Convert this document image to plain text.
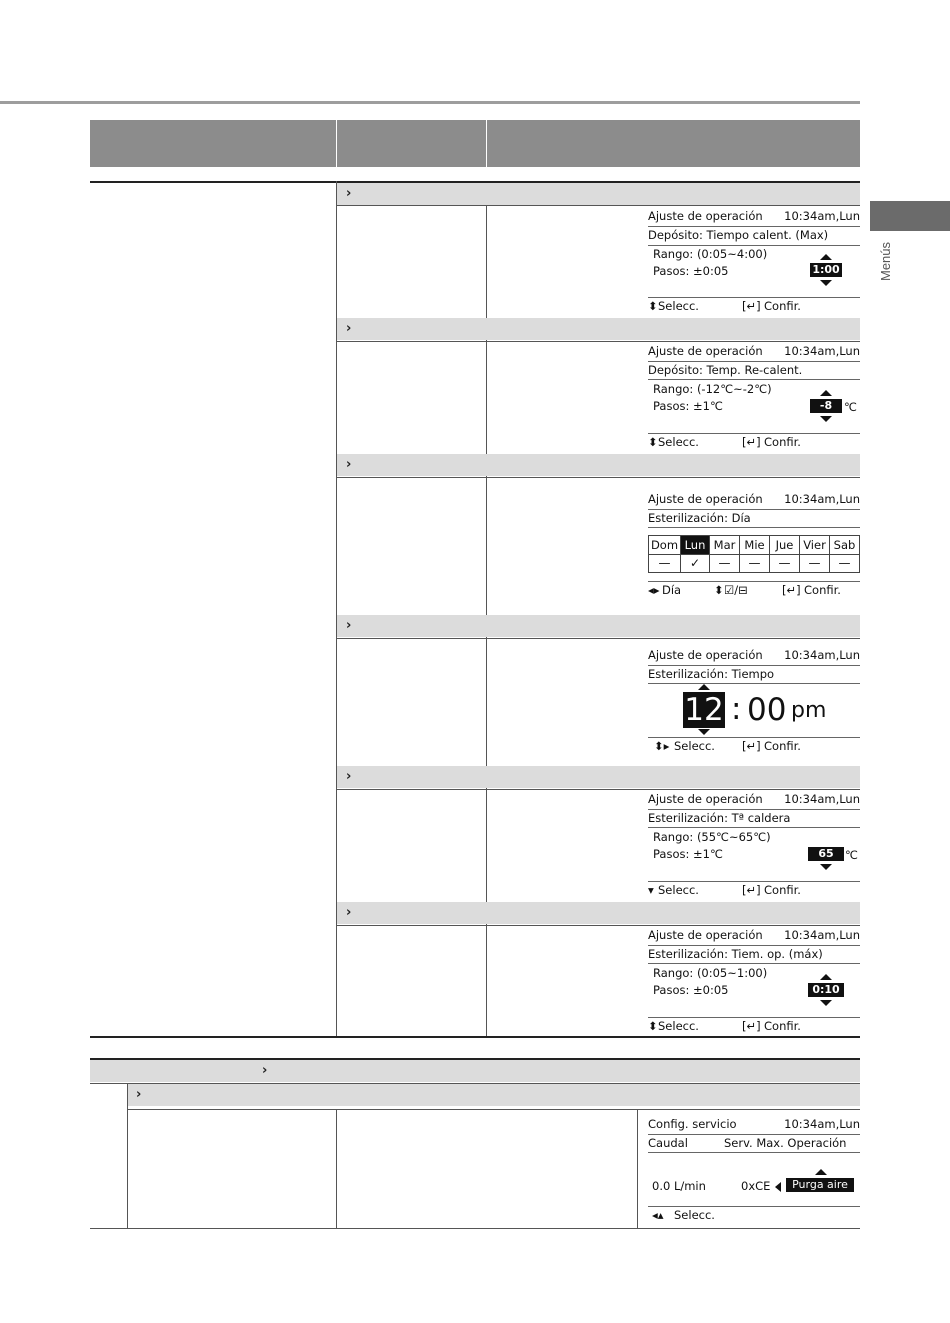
Menús
›
›
›
›
›
›
Ajuste de operación 10:34am,Lun
Depósito: Tiempo calent. (Max)
Rango: (0:05~4:00)
Pasos: ±0:05	1:00
⬍ Selecc.	[↵] Confir.
Ajuste de operación 10:34am,Lun
Depósito: Temp. Re-calent.
Rango: (-12℃~-2℃)
Pasos: ±1℃	-8	℃
⬍ Selecc.	[↵] Confir.
Ajuste de operación 10:34am,Lun
Esterilización: Día
Dom Lun Mar Mie Jue Vier Sab
—	✓	—	—	—	—	—
◂▸ Día	⬍ ☑/⊟	[↵] Confir.
Ajuste de operación 10:34am,Lun
Esterilización: Tiempo
12 : 00 pm
⬍▸ Selecc. [↵] Confir.
Ajuste de operación 10:34am,Lun
Esterilización: Tª caldera
Rango: (55℃~65℃)
Pasos: ±1℃	65 ℃
▾ Selecc.	[↵] Confir.
Ajuste de operación 10:34am,Lun
Esterilización: Tiem. op. (máx)
Rango: (0:05~1:00)
Pasos: ±0:05	0:10
⬍ Selecc.	[↵] Confir.
›
›
Config. servicio	10:34am,Lun
Caudal	Serv. Max. Operación
0.0 L/min	0xCE	Purga aire
◂▴ Selecc.
